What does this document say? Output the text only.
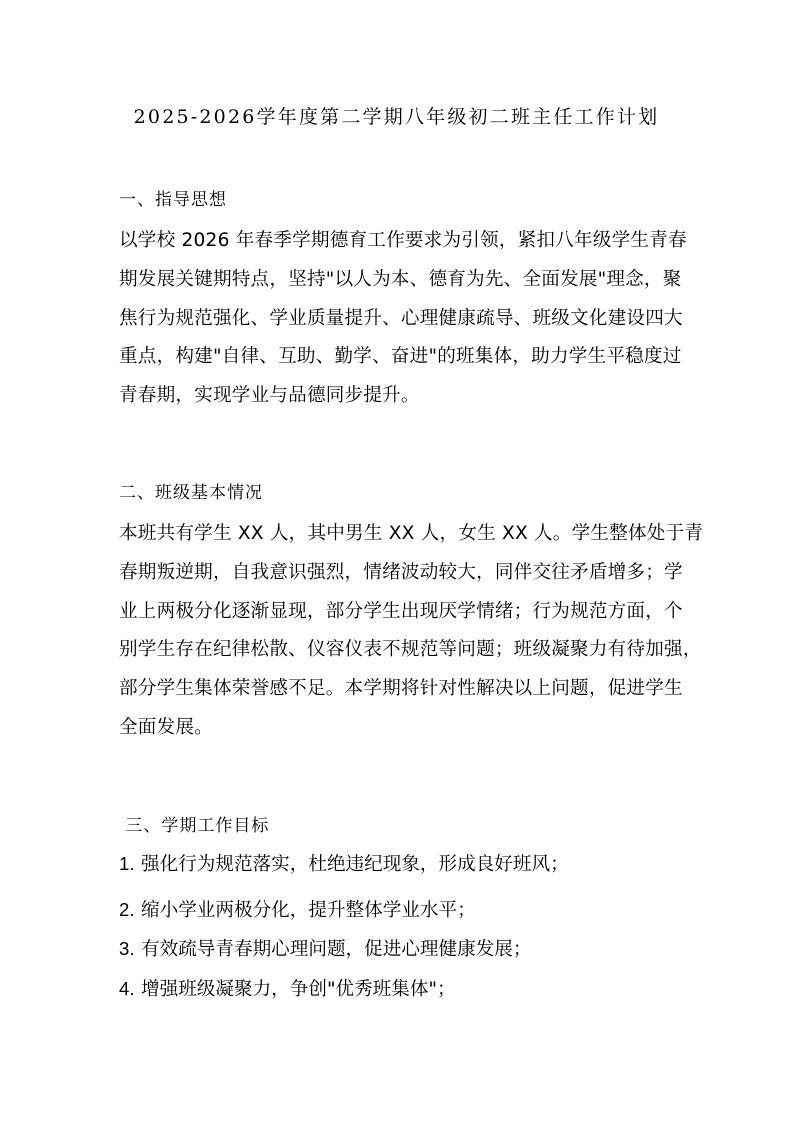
2025-2026学年度第二学期八年级初二班主任工作计划
一、指导思想
以学校 2026 年春季学期德育工作要求为引领，紧扣八年级学生青春
期发展关键期特点，坚持"以人为本、德育为先、全面发展"理念，聚
焦行为规范强化、学业质量提升、心理健康疏导、班级文化建设四大
重点，构建"自律、互助、勤学、奋进"的班集体，助力学生平稳度过
青春期，实现学业与品德同步提升。
二、班级基本情况
本班共有学生 XX 人，其中男生 XX 人，女生 XX 人。学生整体处于青
春期叛逆期，自我意识强烈，情绪波动较大，同伴交往矛盾增多；学
业上两极分化逐渐显现，部分学生出现厌学情绪；行为规范方面，个
别学生存在纪律松散、仪容仪表不规范等问题；班级凝聚力有待加强，
部分学生集体荣誉感不足。本学期将针对性解决以上问题，促进学生
全面发展。
三、学期工作目标
1. 强化行为规范落实，杜绝违纪现象，形成良好班风；
2. 缩小学业两极分化，提升整体学业水平；
3. 有效疏导青春期心理问题，促进心理健康发展；
4. 增强班级凝聚力，争创"优秀班集体"；
